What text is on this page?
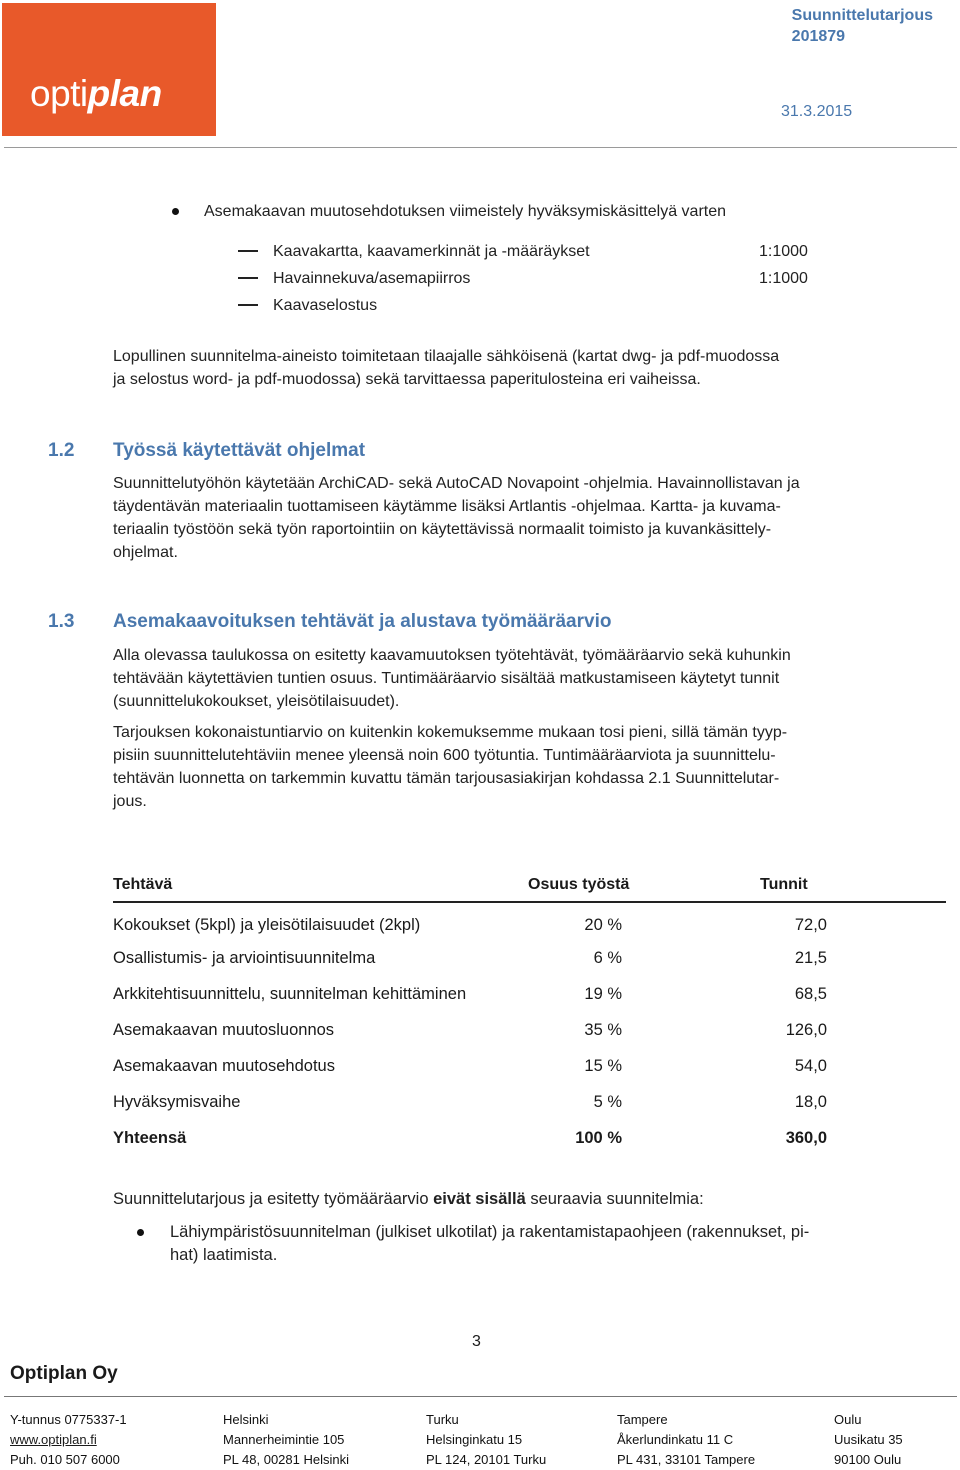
optiplan
Suunnittelutarjous
201879
31.3.2015
Asemakaavan muutosehdotuksen viimeistely hyväksymiskäsittelyä varten
Kaavakartta, kaavamerkinnät ja -määräykset	1:1000
Havainnekuva/asemapiirros	1:1000
Kaavaselostus
Lopullinen suunnitelma-aineisto toimitetaan tilaajalle sähköisenä (kartat dwg- ja pdf-muodossa
ja selostus word- ja pdf-muodossa) sekä tarvittaessa paperitulosteina eri vaiheissa.
1.2 Työssä käytettävät ohjelmat
Suunnittelutyöhön käytetään ArchiCAD- sekä AutoCAD Novapoint -ohjelmia. Havainnollistavan ja
täydentävän materiaalin tuottamiseen käytämme lisäksi Artlantis -ohjelmaa. Kartta- ja kuvama-
teriaalin työstöön sekä työn raportointiin on käytettävissä normaalit toimisto ja kuvankäsittely-
ohjelmat.
1.3 Asemakaavoituksen tehtävät ja alustava työmääräarvio
Alla olevassa taulukossa on esitetty kaavamuutoksen työtehtävät, työmääräarvio sekä kuhunkin
tehtävään käytettävien tuntien osuus. Tuntimääräarvio sisältää matkustamiseen käytetyt tunnit
(suunnittelukokoukset, yleisötilaisuudet).
Tarjouksen kokonaistuntiarvio on kuitenkin kokemuksemme mukaan tosi pieni, sillä tämän tyyp-
pisiin suunnittelutehtäviin menee yleensä noin 600 työtuntia. Tuntimääräarviota ja suunnittelu-
tehtävän luonnetta on tarkemmin kuvattu tämän tarjousasiakirjan kohdassa 2.1 Suunnittelutar-
jous.
Tehtävä	Osuus työstä	Tunnit
Kokoukset (5kpl) ja yleisötilaisuudet (2kpl)	20 %	72,0
Osallistumis- ja arviointisuunnitelma	6 %	21,5
Arkkitehtisuunnittelu, suunnitelman kehittäminen	19 %	68,5
Asemakaavan muutosluonnos	35 %	126,0
Asemakaavan muutosehdotus	15 %	54,0
Hyväksymisvaihe	5 %	18,0
Yhteensä	100 %	360,0
Suunnittelutarjous ja esitetty työmääräarvio eivät sisällä seuraavia suunnitelmia:
Lähiympäristösuunnitelman (julkiset ulkotilat) ja rakentamistapaohjeen (rakennukset, pi-
hat) laatimista.
3
Optiplan Oy
Y-tunnus 0775337-1
www.optiplan.fi
Puh. 010 507 6000
Helsinki
Mannerheimintie 105
PL 48, 00281 Helsinki
Turku
Helsinginkatu 15
PL 124, 20101 Turku
Tampere
Åkerlundinkatu 11 C
PL 431, 33101 Tampere
Oulu
Uusikatu 35
90100 Oulu
